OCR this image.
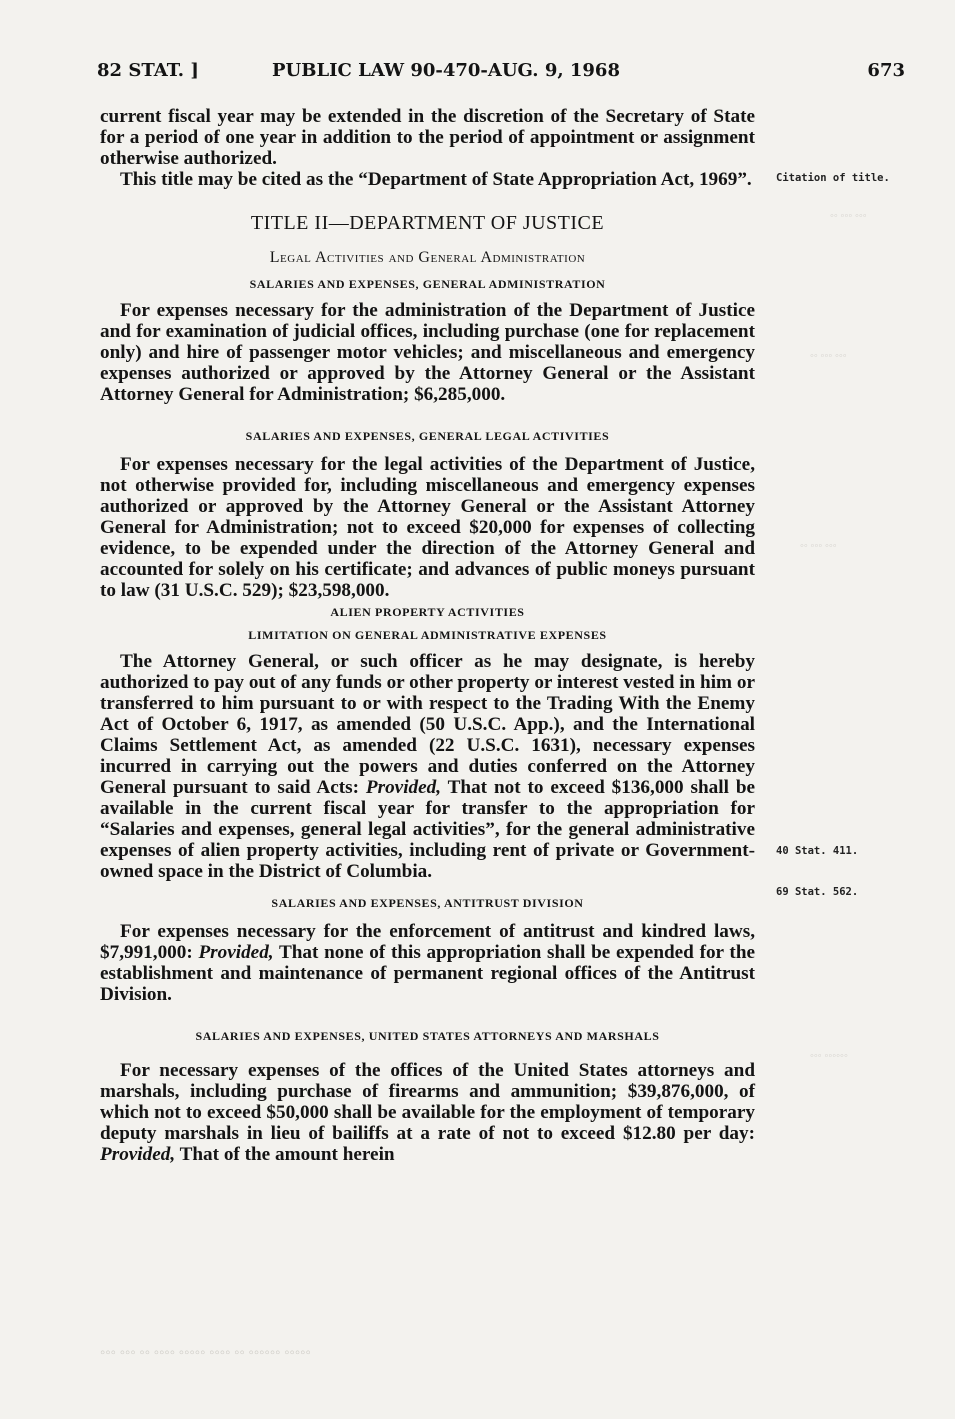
82 STAT. ]	PUBLIC LAW 90-470-AUG. 9, 1968	673
◦◦ ◦◦◦ ◦◦◦
◦◦ ◦◦◦ ◦◦◦
◦◦ ◦◦◦ ◦◦◦
◦◦◦ ◦◦◦◦◦◦
Citation of title.
40 Stat. 411.
69 Stat. 562.

current fiscal year may be extended in the discretion of the Secretary of State for a period of one year in addition to the period of appointment or assignment otherwise authorized.

This title may be cited as the “Department of State Appropriation Act, 1969”.

TITLE II—DEPARTMENT OF JUSTICE
Legal Activities and General Administration
SALARIES AND EXPENSES, GENERAL ADMINISTRATION

For expenses necessary for the administration of the Department of Justice and for examination of judicial offices, including purchase (one for replacement only) and hire of passenger motor vehicles; and miscellaneous and emergency expenses authorized or approved by the Attorney General or the Assistant Attorney General for Administration; $6,285,000.

SALARIES AND EXPENSES, GENERAL LEGAL ACTIVITIES

For expenses necessary for the legal activities of the Department of Justice, not otherwise provided for, including miscellaneous and emergency expenses authorized or approved by the Attorney General or the Assistant Attorney General for Administration; not to exceed $20,000 for expenses of collecting evidence, to be expended under the direction of the Attorney General and accounted for solely on his certificate; and advances of public moneys pursuant to law (31 U.S.C. 529); $23,598,000.

ALIEN PROPERTY ACTIVITIES
LIMITATION ON GENERAL ADMINISTRATIVE EXPENSES

The Attorney General, or such officer as he may designate, is hereby authorized to pay out of any funds or other property or interest vested in him or transferred to him pursuant to or with respect to the Trading With the Enemy Act of October 6, 1917, as amended (50 U.S.C. App.), and the International Claims Settlement Act, as amended (22 U.S.C. 1631), necessary expenses incurred in carrying out the powers and duties conferred on the Attorney General pursuant to said Acts: Provided, That not to exceed $136,000 shall be available in the current fiscal year for transfer to the appropriation for “Salaries and expenses, general legal activities”, for the general administrative expenses of alien property activities, including rent of private or Government-owned space in the District of Columbia.

SALARIES AND EXPENSES, ANTITRUST DIVISION

For expenses necessary for the enforcement of antitrust and kindred laws, $7,991,000: Provided, That none of this appropriation shall be expended for the establishment and maintenance of permanent regional offices of the Antitrust Division.

SALARIES AND EXPENSES, UNITED STATES ATTORNEYS AND MARSHALS

For necessary expenses of the offices of the United States attorneys and marshals, including purchase of firearms and ammunition; $39,876,000, of which not to exceed $50,000 shall be available for the employment of temporary deputy marshals in lieu of bailiffs at a rate of not to exceed $12.80 per day: Provided, That of the amount herein

◦◦◦ ◦◦◦ ◦◦ ◦◦◦◦ ◦◦◦◦◦ ◦◦◦◦ ◦◦ ◦◦◦◦◦◦ ◦◦◦◦◦
